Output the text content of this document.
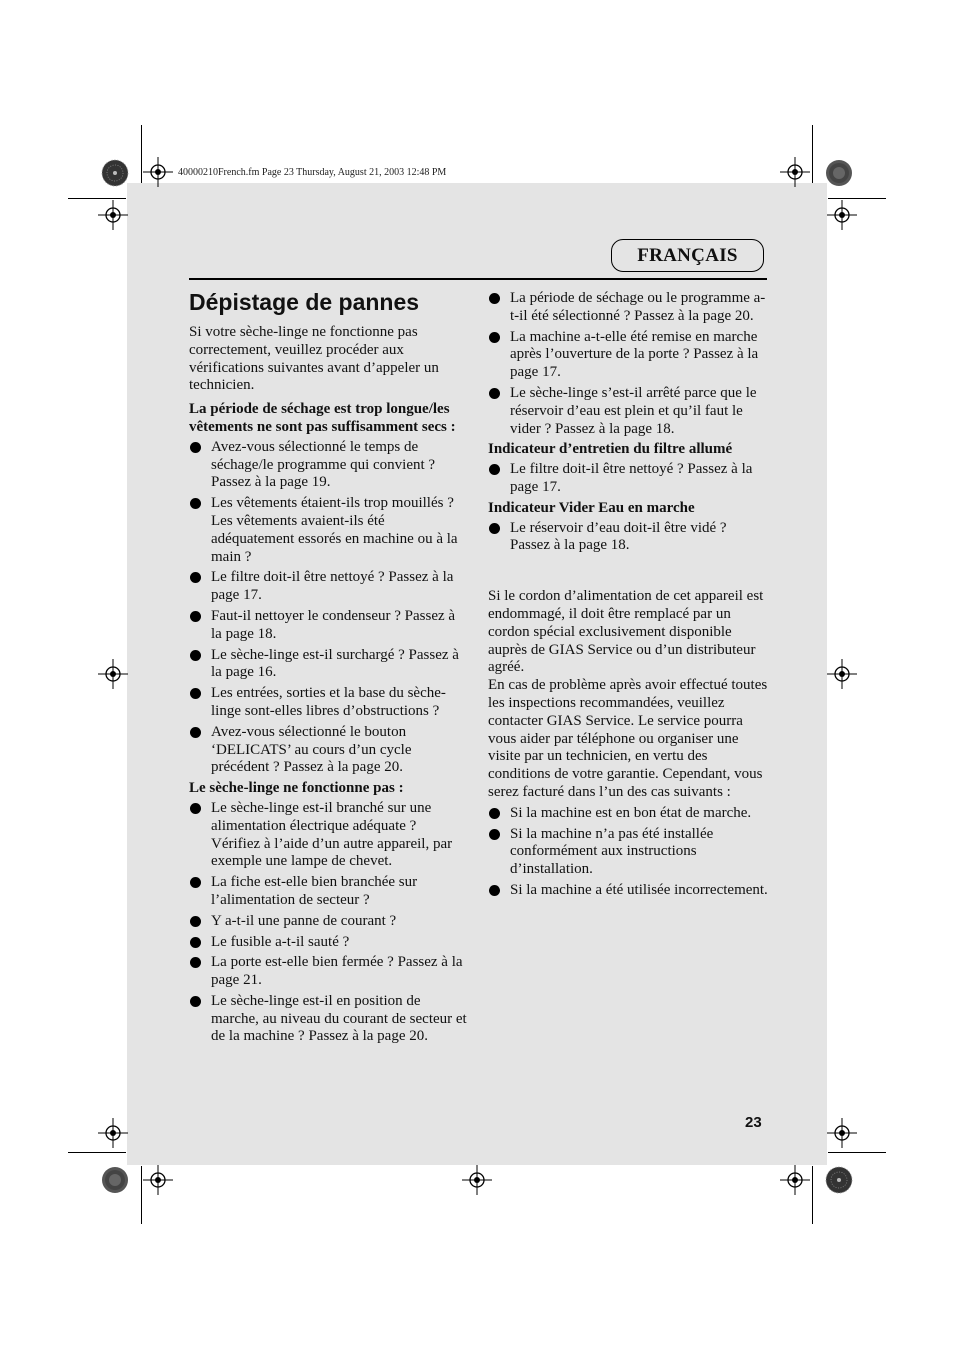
40000210French.fm Page 23 Thursday, August 21, 2003 12:48 PM
FRANÇAIS
Dépistage de pannes

Si votre sèche-linge ne fonctionne pas correctement, veuillez procéder aux vérifications suivantes avant d’appeler un technicien.

La période de séchage est trop longue/les vêtements ne sont pas suffisamment secs :

Avez-vous sélectionné le temps de séchage/le programme qui convient ? Passez à la page 19.
Les vêtements étaient-ils trop mouillés ? Les vêtements avaient-ils été adéquatement essorés en machine ou à la main ?
Le filtre doit-il être nettoyé ? Passez à la page 17.
Faut-il nettoyer le condenseur ? Passez à la page 18.
Le sèche-linge est-il surchargé ? Passez à la page 16.
Les entrées, sorties et la base du sèche-linge sont-elles libres d’obstructions ?
Avez-vous sélectionné le bouton ‘DELICATS’ au cours d’un cycle précédent ? Passez à la page 20.

Le sèche-linge ne fonctionne pas :

Le sèche-linge est-il branché sur une alimentation électrique adéquate ? Vérifiez à l’aide d’un autre appareil, par exemple une lampe de chevet.
La fiche est-elle bien branchée sur l’alimentation de secteur ?
Y a-t-il une panne de courant ?
Le fusible a-t-il sauté ?
La porte est-elle bien fermée ? Passez à la page 21.
Le sèche-linge est-il en position de marche, au niveau du courant de secteur et de la machine ? Passez à la page 20.
La période de séchage ou le programme a-t-il été sélectionné ? Passez à la page 20.
La machine a-t-elle été remise en marche après l’ouverture de la porte ? Passez à la page 17.
Le sèche-linge s’est-il arrêté parce que le réservoir d’eau est plein et qu’il faut le vider ? Passez à la page 18.

Indicateur d’entretien du filtre allumé

Le filtre doit-il être nettoyé ? Passez à la page 17.

Indicateur Vider Eau en marche

Le réservoir d’eau doit-il être vidé ? Passez à la page 18.

Si le cordon d’alimentation de cet appareil est endommagé, il doit être remplacé par un cordon spécial exclusivement disponible auprès de GIAS Service ou d’un distributeur agréé.

En cas de problème après avoir effectué toutes les inspections recommandées, veuillez contacter GIAS Service. Le service pourra vous aider par téléphone ou organiser une visite par un technicien, en vertu des conditions de votre garantie. Cependant, vous serez facturé dans l’un des cas suivants :

Si la machine est en bon état de marche.
Si la machine n’a pas été installée conformément aux instructions d’installation.
Si la machine a été utilisée incorrectement.
23
